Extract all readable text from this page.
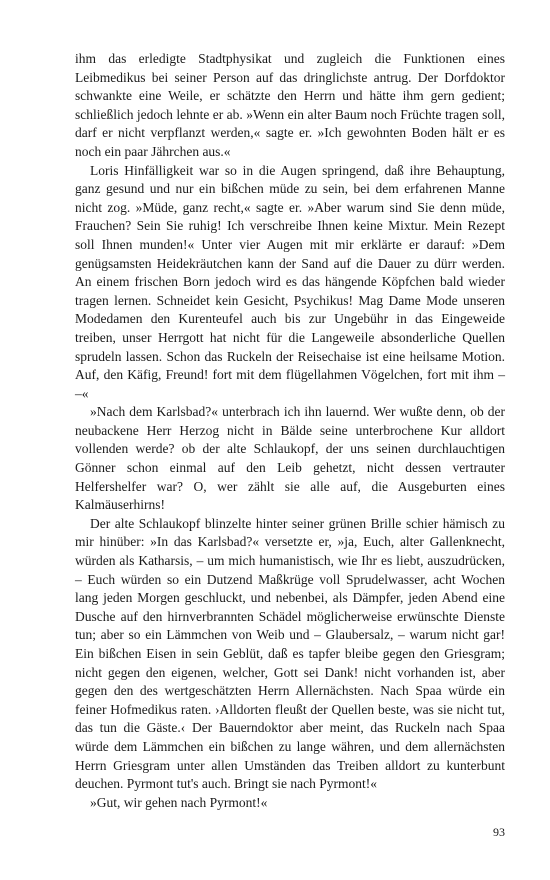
ihm das erledigte Stadtphysikat und zugleich die Funktionen eines Leibmedikus bei seiner Person auf das dringlichste antrug. Der Dorfdoktor schwankte eine Weile, er schätzte den Herrn und hätte ihm gern gedient; schließlich jedoch lehnte er ab. »Wenn ein alter Baum noch Früchte tragen soll, darf er nicht verpflanzt werden,« sagte er. »Ich gewohnten Boden hält er es noch ein paar Jährchen aus.«

Loris Hinfälligkeit war so in die Augen springend, daß ihre Behauptung, ganz gesund und nur ein bißchen müde zu sein, bei dem erfahrenen Manne nicht zog. »Müde, ganz recht,« sagte er. »Aber warum sind Sie denn müde, Frauchen? Sein Sie ruhig! Ich verschreibe Ihnen keine Mixtur. Mein Rezept soll Ihnen munden!« Unter vier Augen mit mir erklärte er darauf: »Dem genügsamsten Heidekräutchen kann der Sand auf die Dauer zu dürr werden. An einem frischen Born jedoch wird es das hängende Köpfchen bald wieder tragen lernen. Schneidet kein Gesicht, Psychikus! Mag Dame Mode unseren Modedamen den Kurenteufel auch bis zur Ungebühr in das Eingeweide treiben, unser Herrgott hat nicht für die Langeweile absonderliche Quellen sprudeln lassen. Schon das Ruckeln der Reisechaise ist eine heilsame Motion. Auf, den Käfig, Freund! fort mit dem flügellahmen Vögelchen, fort mit ihm – –«

»Nach dem Karlsbad?« unterbrach ich ihn lauernd. Wer wußte denn, ob der neubackene Herr Herzog nicht in Bälde seine unterbrochene Kur alldort vollenden werde? ob der alte Schlaukopf, der uns seinen durchlauchtigen Gönner schon einmal auf den Leib gehetzt, nicht dessen vertrauter Helfershelfer war? O, wer zählt sie alle auf, die Ausgeburten eines Kalmäuserhirns!

Der alte Schlaukopf blinzelte hinter seiner grünen Brille schier hämisch zu mir hinüber: »In das Karlsbad?« versetzte er, »ja, Euch, alter Gallenknecht, würden als Katharsis, – um mich humanistisch, wie Ihr es liebt, auszudrücken, – Euch würden so ein Dutzend Maßkrüge voll Sprudelwasser, acht Wochen lang jeden Morgen geschluckt, und nebenbei, als Dämpfer, jeden Abend eine Dusche auf den hirnverbrannten Schädel möglicherweise erwünschte Dienste tun; aber so ein Lämmchen von Weib und – Glaubersalz, – warum nicht gar! Ein bißchen Eisen in sein Geblüt, daß es tapfer bleibe gegen den Griesgram; nicht gegen den eigenen, welcher, Gott sei Dank! nicht vorhanden ist, aber gegen den des wertgeschätzten Herrn Allernächsten. Nach Spaa würde ein feiner Hofmedikus raten. ›Alldorten fleußt der Quellen beste, was sie nicht tut, das tun die Gäste.‹ Der Bauerndoktor aber meint, das Ruckeln nach Spaa würde dem Lämmchen ein bißchen zu lange währen, und dem allernächsten Herrn Griesgram unter allen Umständen das Treiben alldort zu kunterbunt deuchen. Pyrmont tut's auch. Bringt sie nach Pyrmont!«

»Gut, wir gehen nach Pyrmont!«

93
